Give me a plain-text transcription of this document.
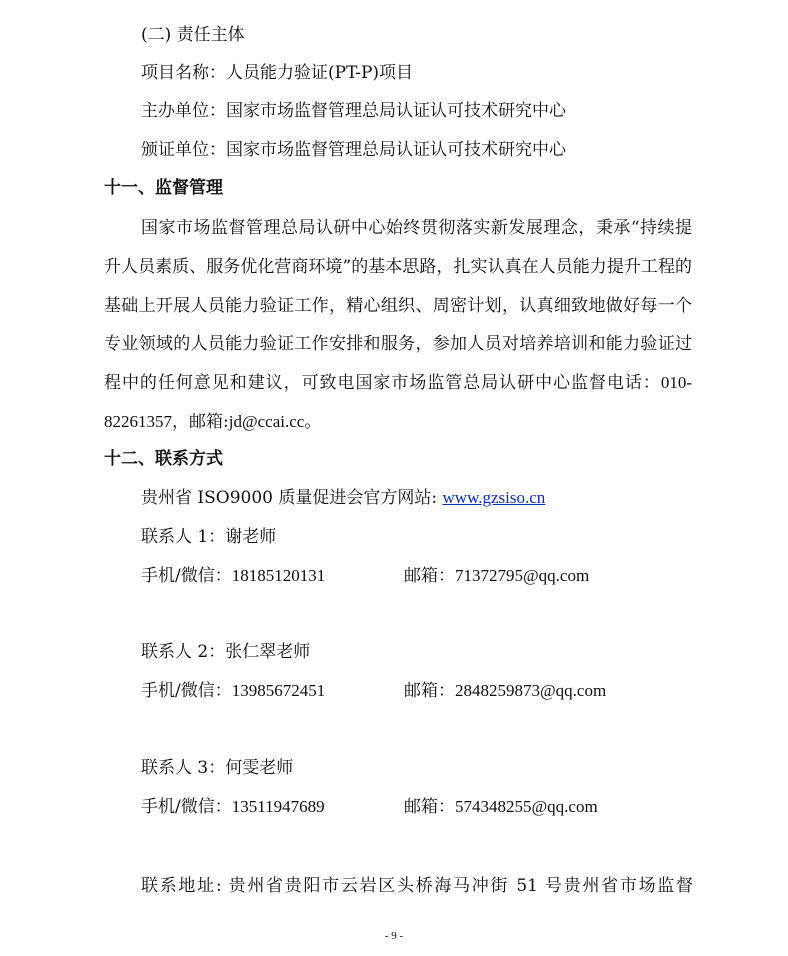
(二) 责任主体
项目名称：人员能力验证(PT-P)项目
主办单位：国家市场监督管理总局认证认可技术研究中心
颁证单位：国家市场监督管理总局认证认可技术研究中心
十一、监督管理
国家市场监督管理总局认研中心始终贯彻落实新发展理念，秉承“持续提升人员素质、服务优化营商环境”的基本思路，扎实认真在人员能力提升工程的基础上开展人员能力验证工作，精心组织、周密计划，认真细致地做好每一个专业领域的人员能力验证工作安排和服务，参加人员对培养培训和能力验证过程中的任何意见和建议，可致电国家市场监管总局认研中心监督电话：010-82261357，邮箱:jd@ccai.cc。
十二、联系方式
贵州省 ISO9000 质量促进会官方网站: www.gzsiso.cn
联系人 1：谢老师
手机/微信：18185120131	邮箱：71372795@qq.com
联系人 2：张仁翠老师
手机/微信：13985672451	邮箱：2848259873@qq.com
联系人 3：何雯老师
手机/微信：13511947689	邮箱：574348255@qq.com
联系地址: 贵州省贵阳市云岩区头桥海马冲街 51 号贵州省市场监督
- 9 -
